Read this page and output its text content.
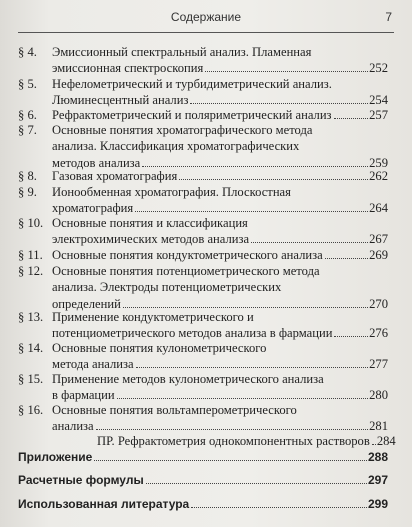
Содержание	7
§ 4.	Эмиссионный спектральный анализ. Пламенная
эмиссионная спектроскопия	252
§ 5.	Нефелометрический и турбидиметрический анализ.
Люминесцентный анализ	254
§ 6.	Рефрактометрический и поляриметрический анализ	257
§ 7.	Основные понятия хроматографического метода
анализа. Классификация хроматографических
методов анализа	259
§ 8.	Газовая хроматография	262
§ 9.	Ионообменная хроматография. Плоскостная
хроматография	264
§ 10. Основные понятия и классификация
электрохимических методов анализа	267
§ 11. Основные понятия кондуктометрического анализа	269
§ 12. Основные понятия потенциометрического метода
анализа. Электроды потенциометрических
определений	270
§ 13. Применение кондуктометрического и
потенциометрического методов анализа в фармации	276
§ 14. Основные понятия кулонометрического
метода анализа	277
§ 15. Применение методов кулонометрического анализа
в фармации	280
§ 16. Основные понятия вольтамперометрического
анализа	281
ПР. Рефрактометрия однокомпонентных растворов 284
Приложение	288
Расчетные формулы	297
Использованная литература	299
